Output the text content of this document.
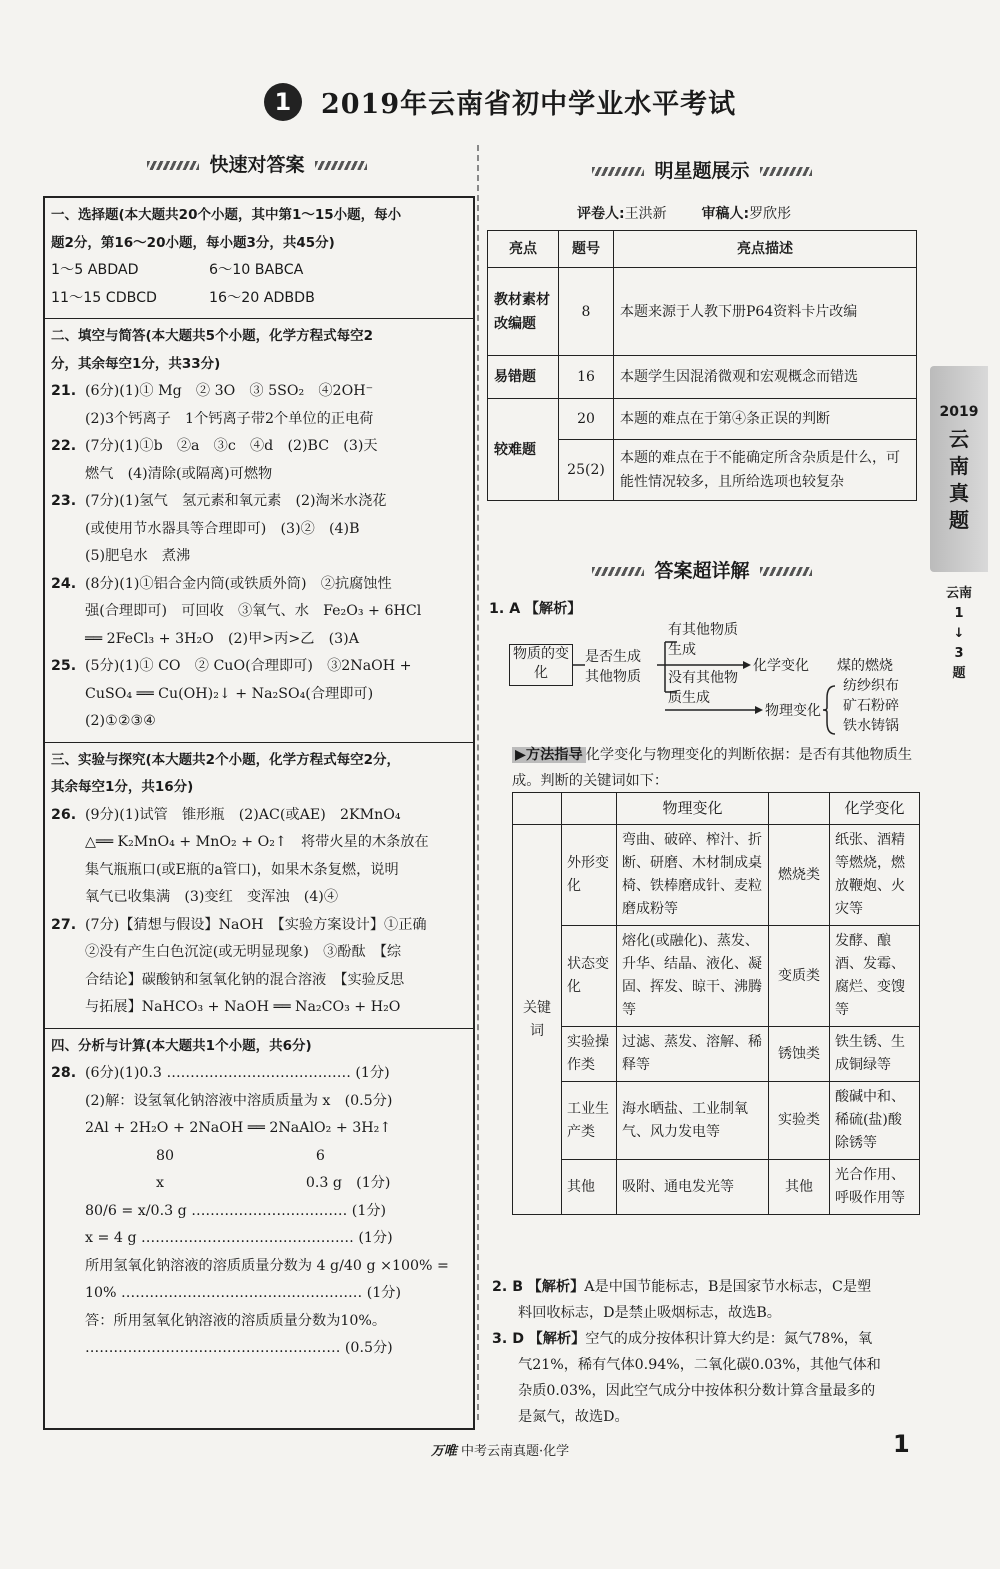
1 2019年云南省初中学业水平考试
快速对答案
一、选择题(本大题共20个小题，其中第1～15小题，每小
题2分，第16～20小题，每小题3分，共45分)
1～5 ABDAD	6～10 BABCA
11～15 CDBCD	16～20 ADBDB
二、填空与简答(本大题共5个小题，化学方程式每空2
分，其余每空1分，共33分)
21. (6分)(1)① Mg　② 3O　③ 5SO₂　④2OH⁻
(2)3个钙离子　1个钙离子带2个单位的正电荷
22. (7分)(1)①b　②a　③c　④d　(2)BC　(3)天
燃气　(4)清除(或隔离)可燃物
23. (7分)(1)氢气　氢元素和氧元素　(2)淘米水浇花
(或使用节水器具等合理即可)　(3)②　(4)B
(5)肥皂水　煮沸
24. (8分)(1)①铝合金内筒(或铁质外筒)　②抗腐蚀性
强(合理即可)　可回收　③氧气、水　Fe₂O₃ + 6HCl
══ 2FeCl₃ + 3H₂O　(2)甲>丙>乙　(3)A
25. (5分)(1)① CO　② CuO(合理即可)　③2NaOH +
CuSO₄ ══ Cu(OH)₂↓ + Na₂SO₄(合理即可)
(2)①②③④
三、实验与探究(本大题共2个小题，化学方程式每空2分，
其余每空1分，共16分)
26. (9分)(1)试管　锥形瓶　(2)AC(或AE)　2KMnO₄
△══ K₂MnO₄ + MnO₂ + O₂↑　将带火星的木条放在
集气瓶瓶口(或E瓶的a管口)，如果木条复燃，说明
氧气已收集满　(3)变红　变浑浊　(4)④
27. (7分)【猜想与假设】NaOH　【实验方案设计】①正确
②没有产生白色沉淀(或无明显现象)　③酚酞　【综
合结论】碳酸钠和氢氧化钠的混合溶液　【实验反思
与拓展】NaHCO₃ + NaOH ══ Na₂CO₃ + H₂O
四、分析与计算(本大题共1个小题，共6分)
28. (6分)(1)0.3 ………………………………… (1分)
(2)解：设氢氧化钠溶液中溶质质量为 x　(0.5分)
2Al + 2H₂O + 2NaOH ══ 2NaAlO₂ + 3H₂↑
　　　　　80　　　　　　　　　　6
　　　　　x　　　　　　　　　　0.3 g　(1分)
80/6 = x/0.3 g …………………………… (1分)
x = 4 g ……………………………………… (1分)
所用氢氧化钠溶液的溶质质量分数为 4 g/40 g ×100% =
10% …………………………………………… (1分)
答：所用氢氧化钠溶液的溶质质量分数为10%。
……………………………………………… (0.5分)
明星题展示
评卷人:王洪新 审稿人:罗欣彤
亮点	题号	亮点描述
教材素材改编题	8	本题来源于人教下册P64资料卡片改编
易错题	16	本题学生因混淆微观和宏观概念而错选
较难题	20	本题的难点在于第④条正误的判断
	25(2)	本题的难点在于不能确定所含杂质是什么，可能性情况较多，且所给选项也较复杂
答案超详解
1. A 【解析】
物质的变化
是否生成
其他物质
有其他物质生成
没有其他物质生成
化学变化 煤的燃烧
物理变化
纺纱织布
矿石粉碎
铁水铸锅
▶方法指导 化学变化与物理变化的判断依据：是否有其他物质生成。判断的关键词如下：
		物理变化		化学变化
关键词	外形变化	弯曲、破碎、榨汁、折断、研磨、木材制成桌椅、铁棒磨成针、麦粒磨成粉等	燃烧类	纸张、酒精等燃烧，燃放鞭炮、火灾等
	状态变化	熔化(或融化)、蒸发、升华、结晶、液化、凝固、挥发、晾干、沸腾等	变质类	发酵、酿酒、发霉、腐烂、变馊等
	实验操作类	过滤、蒸发、溶解、稀释等	锈蚀类	铁生锈、生成铜绿等
	工业生产类	海水晒盐、工业制氧气、风力发电等	实验类	酸碱中和、稀硫(盐)酸除锈等
	其他	吸附、通电发光等	其他	光合作用、呼吸作用等
2. B 【解析】A是中国节能标志，B是国家节水标志，C是塑
料回收标志，D是禁止吸烟标志，故选B。
3. D 【解析】空气的成分按体积计算大约是：氮气78%，氧
气21%，稀有气体0.94%，二氧化碳0.03%，其他气体和
杂质0.03%，因此空气成分中按体积分数计算含量最多的
是氮气，故选D。
2019
云
南
真
题
云南
1
↓
3
题
万唯 中考云南真题·化学	1
